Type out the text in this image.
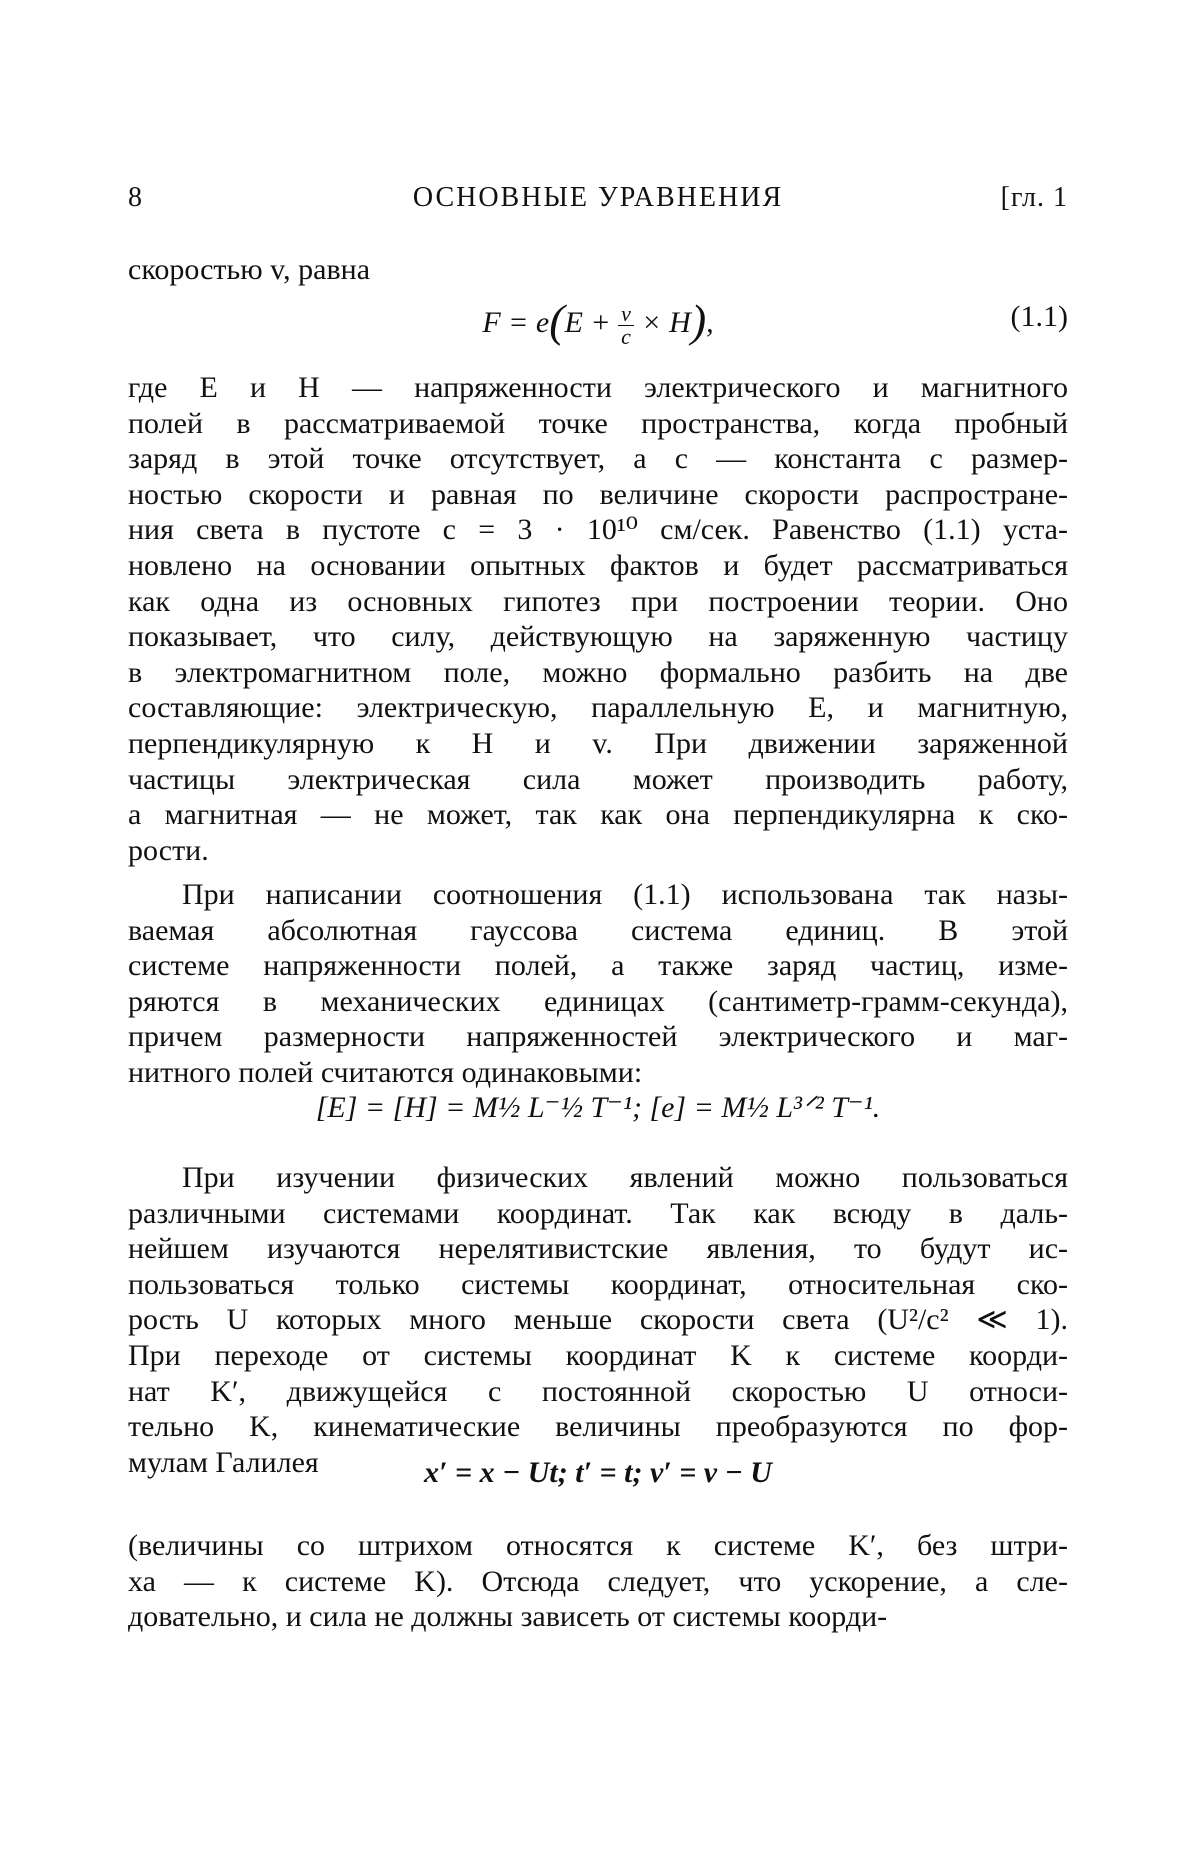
8	ОСНОВНЫЕ УРАВНЕНИЯ	[гл. 1
скоростью v, равна
$F = e(E + \frac{v}{c} \times H)$,	(1.1)
где E и H — напряженности электрического и магнитного
полей в рассматриваемой точке пространства, когда пробный
заряд в этой точке отсутствует, а c — константа с размер-
ностью скорости и равная по величине скорости распростране-
ния света в пустоте c = 3 · 10¹⁰ см/сек. Равенство (1.1) уста-
новлено на основании опытных фактов и будет рассматриваться
как одна из основных гипотез при построении теории. Оно
показывает, что силу, действующую на заряженную частицу
в электромагнитном поле, можно формально разбить на две
составляющие: электрическую, параллельную E, и магнитную,
перпендикулярную к H и v. При движении заряженной
частицы электрическая сила может производить работу,
а магнитная — не может, так как она перпендикулярна к ско-
рости.
При написании соотношения (1.1) использована так назы-
ваемая абсолютная гауссова система единиц. В этой
системе напряженности полей, а также заряд частиц, изме-
ряются в механических единицах (сантиметр-грамм-секунда),
причем размерности напряженностей электрического и маг-
нитного полей считаются одинаковыми:
[E] = [H] = M½ L⁻½ T⁻¹; [e] = M½ L³ᐟ² T⁻¹.
При изучении физических явлений можно пользоваться
различными системами координат. Так как всюду в даль-
нейшем изучаются нерелятивистские явления, то будут ис-
пользоваться только системы координат, относительная ско-
рость U которых много меньше скорости света (U²/c² ≪ 1).
При переходе от системы координат K к системе коорди-
нат K′, движущейся с постоянной скоростью U относи-
тельно K, кинематические величины преобразуются по фор-
мулам Галилея	x′ = x − Ut; t′ = t; v′ = v − U
(величины со штрихом относятся к системе K′, без штри-
ха — к системе K). Отсюда следует, что ускорение, а сле-
довательно, и сила не должны зависеть от системы коорди-
